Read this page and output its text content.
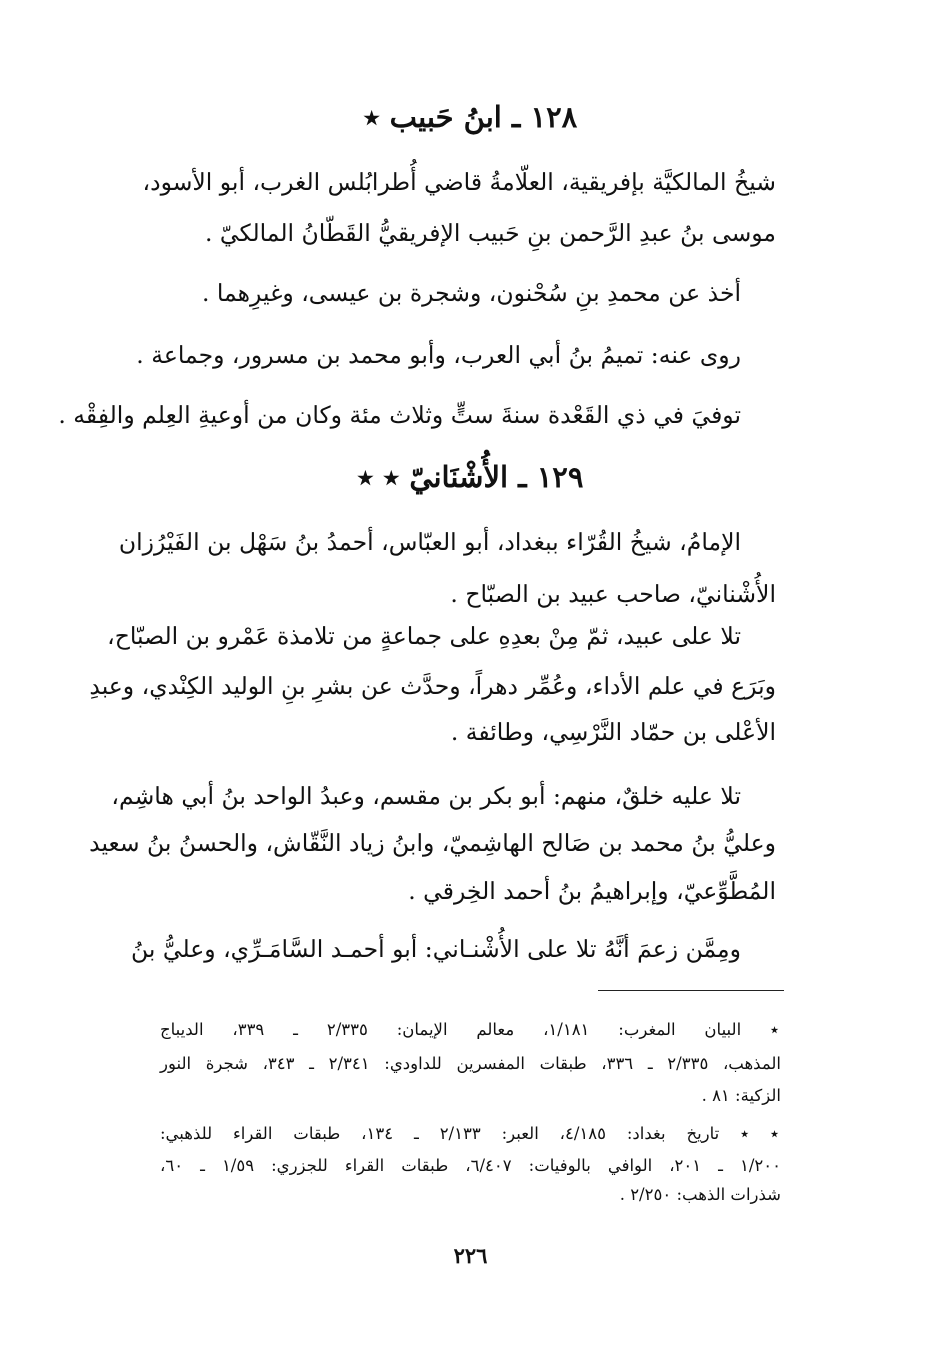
١٢٨ ـ ابنُ حَبيب ٭
شيخُ المالكيَّة بإفريقية، العلّامةُ قاضي أُطرابُلس الغرب، أبو الأسود،
موسى بنُ عبدِ الرَّحمن بنِ حَبيب الإفريقيُّ القَطّانُ المالكيّ .
أخذ عن محمدِ بنِ سُحْنون، وشجرة بن عيسى، وغيرِهما .
روى عنه: تميمُ بنُ أبي العرب، وأبو محمد بن مسرور، وجماعة .
توفيَ في ذي القَعْدة سنةَ ستٍّ وثلاث مئة وكان من أوعيةِ العِلم والفِقْه .
١٢٩ ـ الأُشْنَانيّ ٭ ٭
الإمامُ، شيخُ القُرّاء ببغداد، أبو العبّاس، أحمدُ بنُ سَهْل بن الفَيْرُزان
الأُشْنانيّ، صاحب عبيد بن الصبّاح .
تلا على عبيد، ثمّ مِنْ بعدِهِ على جماعةٍ من تلامذة عَمْرو بن الصبّاح،
وبَرَع في علم الأداء، وعُمِّر دهراً، وحدَّث عن بشرِ بنِ الوليد الكِنْدي، وعبدِ
الأعْلى بن حمّاد النَّرْسِي، وطائفة .
تلا عليه خلقٌ، منهم: أبو بكر بن مقسم، وعبدُ الواحد بنُ أبي هاشِم،
وعليُّ بنُ محمد بن صَالح الهاشِميّ، وابنُ زياد النَّقّاش، والحسنُ بنُ سعيد
المُطَّوِّعيّ، وإبراهيمُ بنُ أحمد الخِرقي .
ومِمَّن زعمَ أنَّهُ تلا على الأُشْنـاني: أبو أحمـد السَّامَـرِّي، وعليُّ بنُ
٭ البيان المغرب: ١/١٨١، معالم الإيمان: ٢/٣٣٥ ـ ٣٣٩، الديباج
المذهب، ٢/٣٣٥ ـ ٣٣٦، طبقات المفسرين للداودي: ٢/٣٤١ ـ ٣٤٣، شجرة النور
الزكية: ٨١ .
٭ ٭ تاريخ بغداد: ٤/١٨٥، العبر: ٢/١٣٣ ـ ١٣٤، طبقات القراء للذهبي:
١/٢٠٠ ـ ٢٠١، الوافي بالوفيات: ٦/٤٠٧، طبقات القراء للجزري: ١/٥٩ ـ ٦٠،
شذرات الذهب: ٢/٢٥٠ .
٢٢٦
